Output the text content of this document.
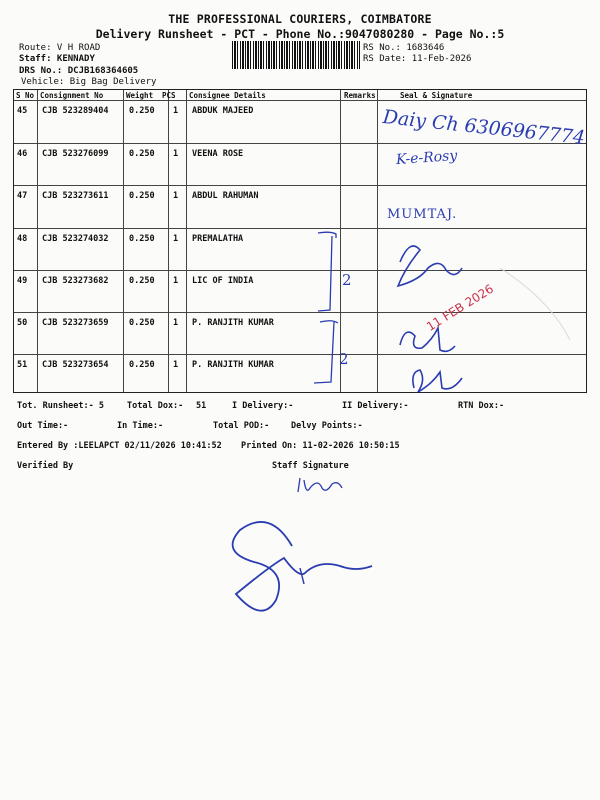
THE PROFESSIONAL COURIERS, COIMBATORE
Delivery Runsheet - PCT - Phone No.:9047080280 - Page No.:5
Route: V H ROAD
Staff: KENNADY
DRS No.: DCJB168364605
Vehicle: Big Bag Delivery
RS No.: 1683646
RS Date: 11-Feb-2026
S No Consignment No	Weight PCS Consignee Details	Remarks	Seal & Signature
45 CJB 523289404 0.250 1 ABDUK MAJEED
46 CJB 523276099 0.250 1 VEENA ROSE
47 CJB 523273611 0.250 1 ABDUL RAHUMAN
48 CJB 523274032 0.250 1 PREMALATHA
49 CJB 523273682 0.250 1 LIC OF INDIA
50 CJB 523273659 0.250 1 P. RANJITH KUMAR
51 CJB 523273654 0.250 1 P. RANJITH KUMAR
Daiy Ch 6306967774
K-e-Rosy
MUMTAJ.
2
2
11 FEB 2026
Tot. Runsheet:- 5	Total Dox:- 51	I Delivery:-	II Delivery:-	RTN Dox:-
Out Time:-	In Time:-	Total POD:-	Delvy Points:-
Entered By :LEELAPCT 02/11/2026 10:41:52 Printed On: 11-02-2026 10:50:15
Verified By	Staff Signature
